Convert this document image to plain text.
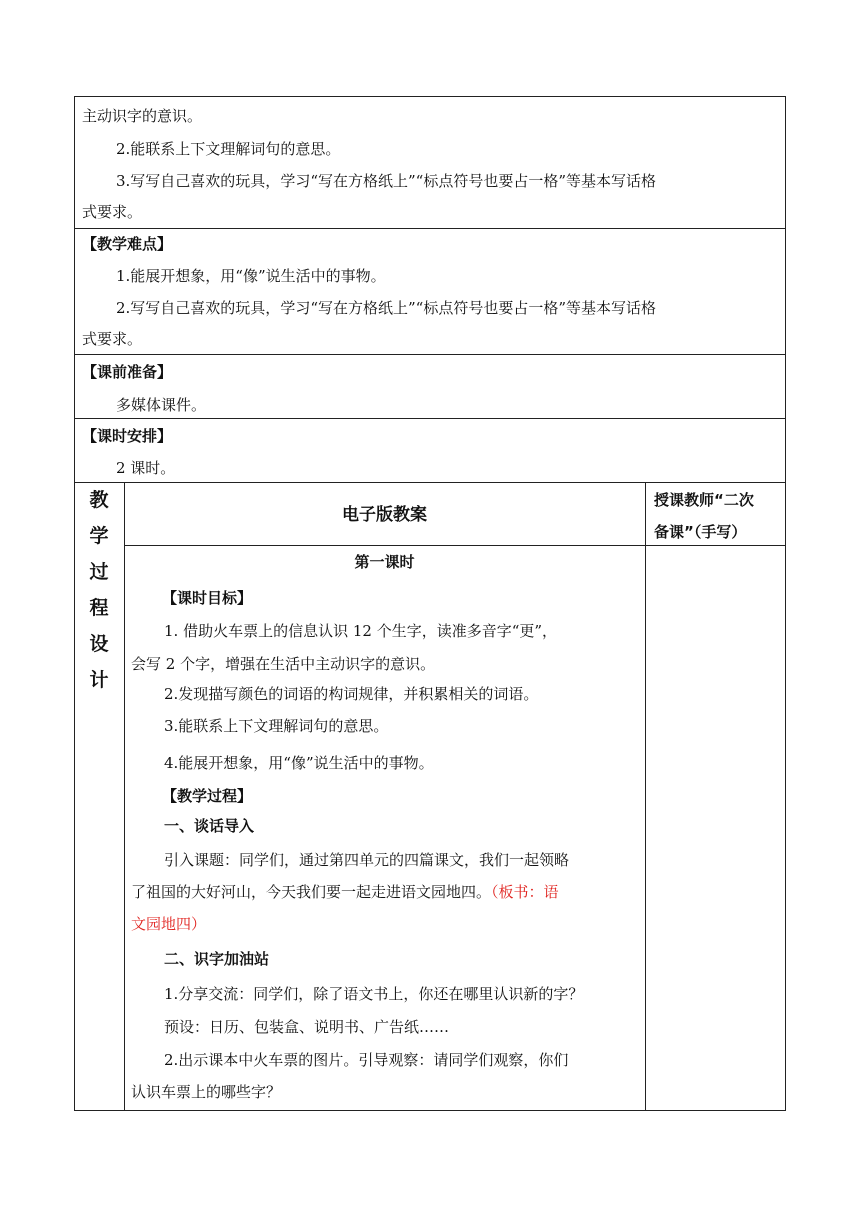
主动识字的意识。
2.能联系上下文理解词句的意思。
3.写写自己喜欢的玩具，学习“写在方格纸上”“标点符号也要占一格”等基本写话格
式要求。
【教学难点】
1.能展开想象，用“像”说生活中的事物。
2.写写自己喜欢的玩具，学习“写在方格纸上”“标点符号也要占一格”等基本写话格
式要求。
【课前准备】
多媒体课件。
【课时安排】
2 课时。
教
学
过
程
设
计
电子版教案
授课教师“二次
备课”（手写）
第一课时
【课时目标】
1. 借助火车票上的信息认识 12 个生字，读准多音字“更”，
会写 2 个字，增强在生活中主动识字的意识。
2.发现描写颜色的词语的构词规律，并积累相关的词语。
3.能联系上下文理解词句的意思。
4.能展开想象，用“像”说生活中的事物。
【教学过程】
一、谈话导入
引入课题：同学们，通过第四单元的四篇课文，我们一起领略
了祖国的大好河山，今天我们要一起走进语文园地四。（板书：语
文园地四）
二、识字加油站
1.分享交流：同学们，除了语文书上，你还在哪里认识新的字？
预设：日历、包装盒、说明书、广告纸……
2.出示课本中火车票的图片。引导观察：请同学们观察，你们
认识车票上的哪些字？
